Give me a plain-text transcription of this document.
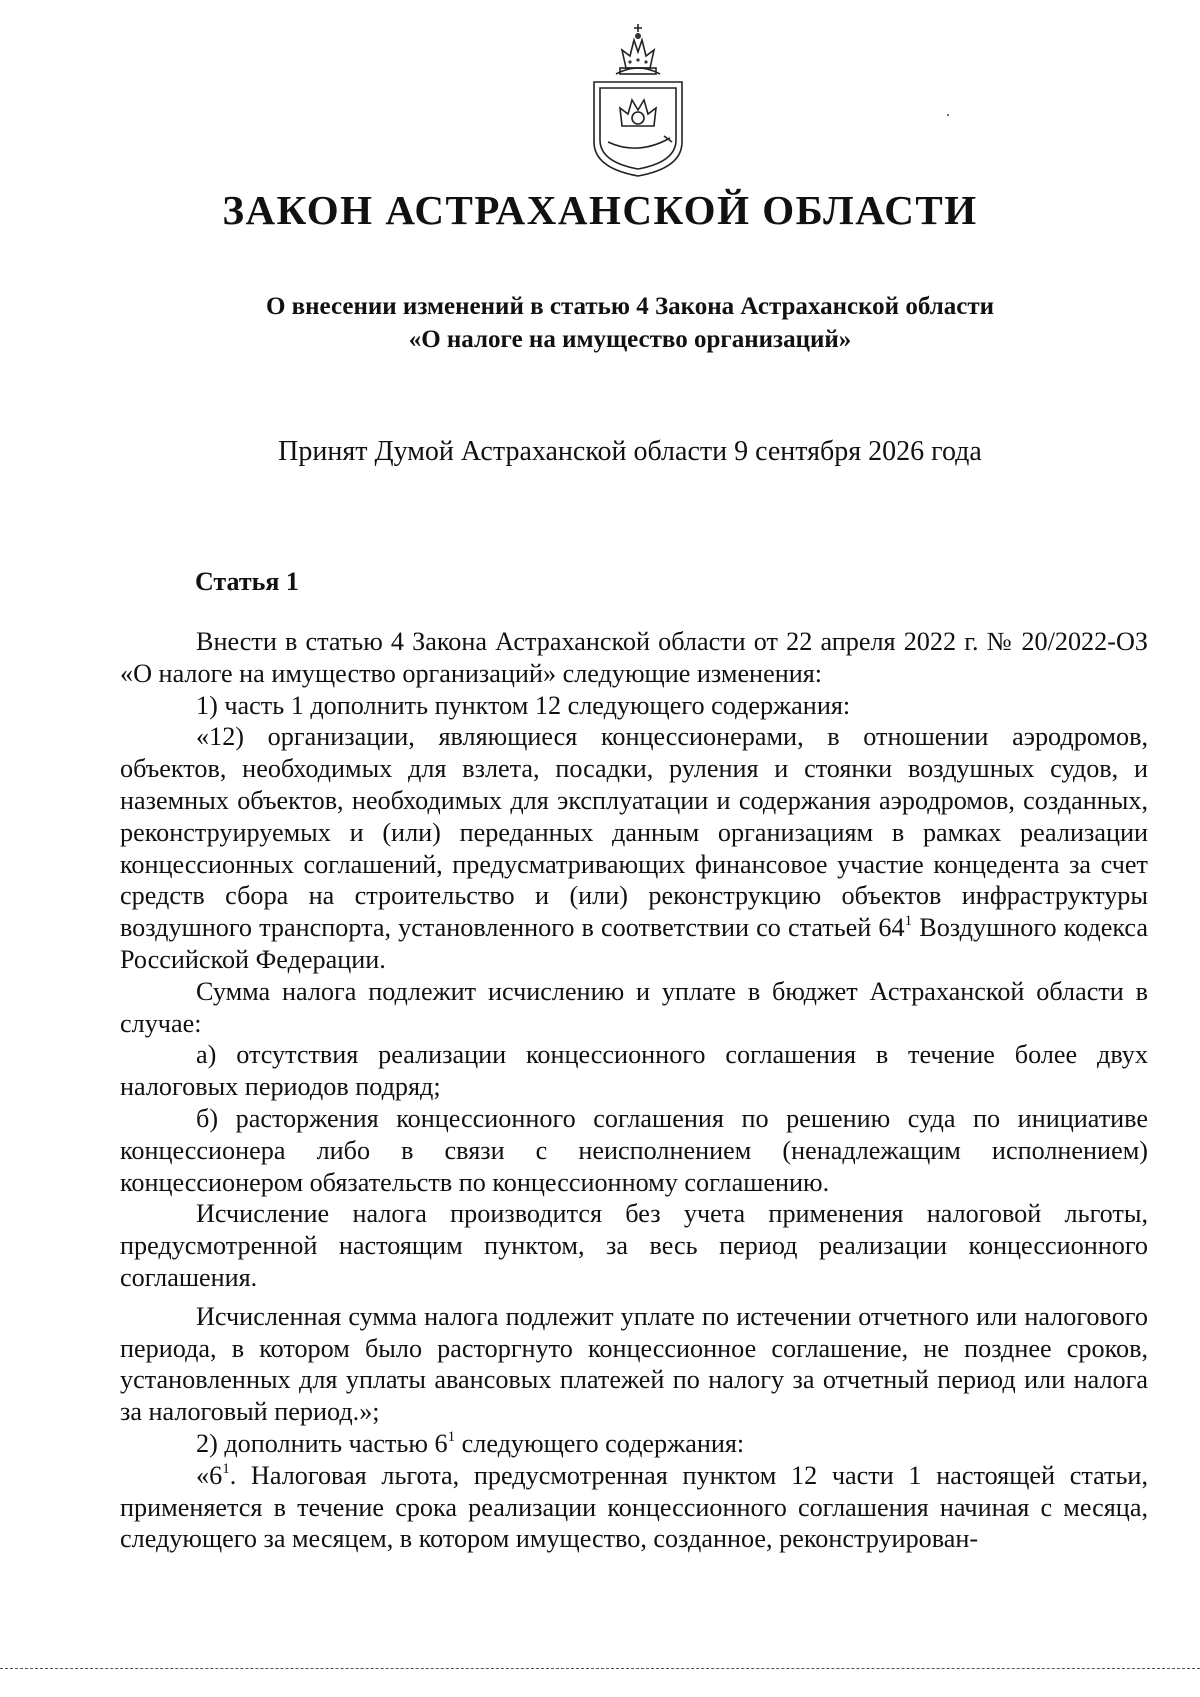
ЗАКОН АСТРАХАНСКОЙ ОБЛАСТИ
О внесении изменений в статью 4 Закона Астраханской области
«О налоге на имущество организаций»
Принят Думой Астраханской области 9 сентября 2026 года
Статья 1

Внести в статью 4 Закона Астраханской области от 22 апреля 2022 г. № 20/2022-ОЗ «О налоге на имущество организаций» следующие изменения:

1) часть 1 дополнить пунктом 12 следующего содержания:

«12) организации, являющиеся концессионерами, в отношении аэродромов, объектов, необходимых для взлета, посадки, руления и стоянки воздушных судов, и наземных объектов, необходимых для эксплуатации и содержания аэродромов, созданных, реконструируемых и (или) переданных данным организациям в рамках реализации концессионных соглашений, предусматривающих финансовое участие концедента за счет средств сбора на строительство и (или) реконструкцию объектов инфраструктуры воздушного транспорта, установленного в соответствии со статьей $64^1$ Воздушного кодекса Российской Федерации.

Сумма налога подлежит исчислению и уплате в бюджет Астраханской области в случае:

а) отсутствия реализации концессионного соглашения в течение более двух налоговых периодов подряд;

б) расторжения концессионного соглашения по решению суда по инициативе концессионера либо в связи с неисполнением (ненадлежащим исполнением) концессионером обязательств по концессионному соглашению.

Исчисление налога производится без учета применения налоговой льготы, предусмотренной настоящим пунктом, за весь период реализации концессионного соглашения.

Исчисленная сумма налога подлежит уплате по истечении отчетного или налогового периода, в котором было расторгнуто концессионное соглашение, не позднее сроков, установленных для уплаты авансовых платежей по налогу за отчетный период или налога за налоговый период.»;

2) дополнить частью $6^1$ следующего содержания:

«$6^1$. Налоговая льгота, предусмотренная пунктом 12 части 1 настоящей статьи, применяется в течение срока реализации концессионного соглашения начиная с месяца, следующего за месяцем, в котором имущество, созданное, реконструирован-
